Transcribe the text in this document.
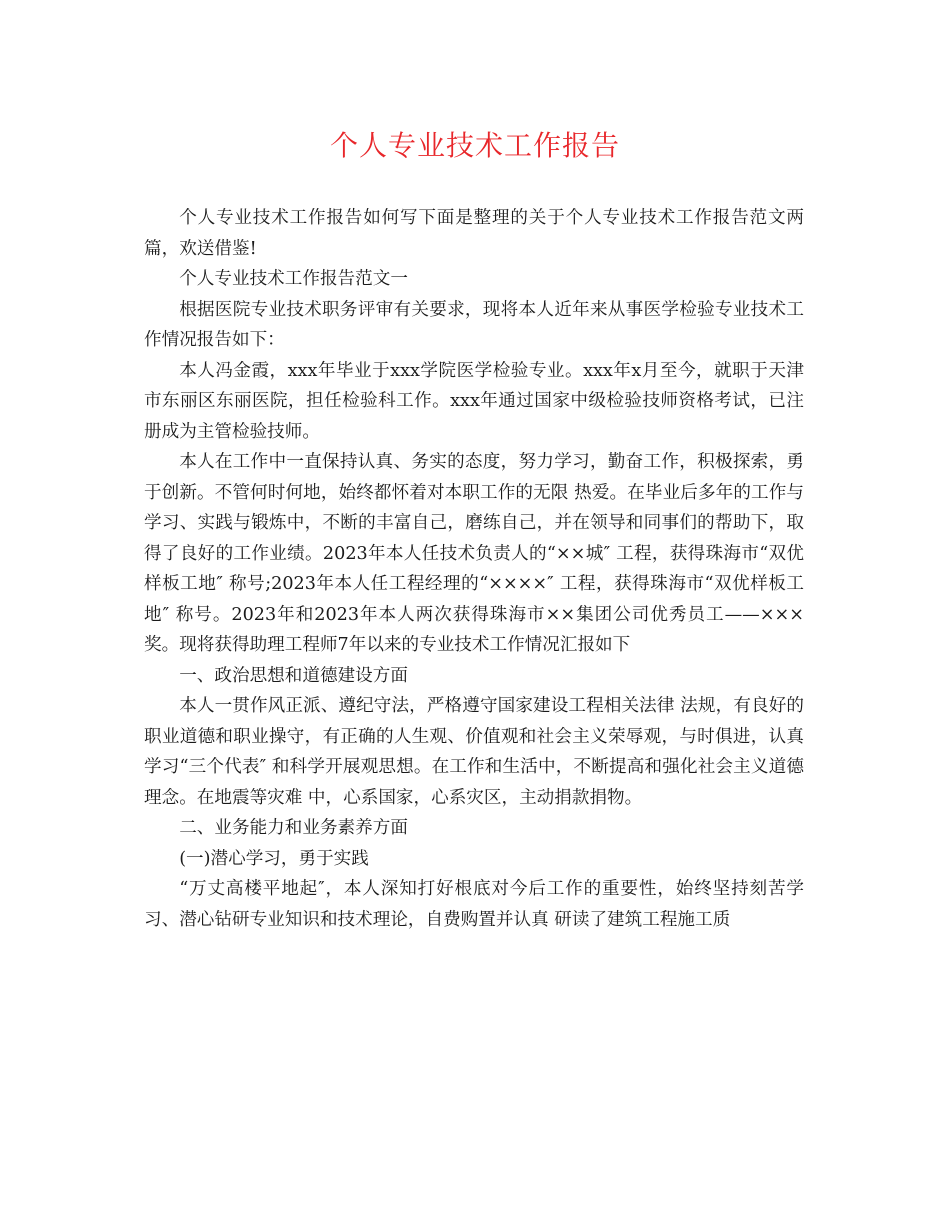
个人专业技术工作报告

个人专业技术工作报告如何写下面是整理的关于个人专业技术工作报告范文两篇，欢送借鉴!

个人专业技术工作报告范文一

根据医院专业技术职务评审有关要求，现将本人近年来从事医学检验专业技术工作情况报告如下：

本人冯金霞，xxx年毕业于xxx学院医学检验专业。xxx年x月至今，就职于天津市东丽区东丽医院，担任检验科工作。xxx年通过国家中级检验技师资格考试，已注册成为主管检验技师。

本人在工作中一直保持认真、务实的态度，努力学习，勤奋工作，积极探索，勇于创新。不管何时何地，始终都怀着对本职工作的无限 热爱。在毕业后多年的工作与学习、实践与锻炼中，不断的丰富自己，磨练自己，并在领导和同事们的帮助下，取得了良好的工作业绩。2023年本人任技术负责人的“××城″ 工程，获得珠海市“双优样板工地″ 称号;2023年本人任工程经理的“××××″ 工程，获得珠海市“双优样板工地″ 称号。2023年和2023年本人两次获得珠海市××集团公司优秀员工——×××奖。现将获得助理工程师7年以来的专业技术工作情况汇报如下

一、政治思想和道德建设方面

本人一贯作风正派、遵纪守法，严格遵守国家建设工程相关法律 法规，有良好的职业道德和职业操守，有正确的人生观、价值观和社会主义荣辱观，与时俱进，认真学习“三个代表″ 和科学开展观思想。在工作和生活中，不断提高和强化社会主义道德理念。在地震等灾难 中，心系国家，心系灾区，主动捐款捐物。

二、业务能力和业务素养方面

(一)潜心学习，勇于实践

“万丈高楼平地起″，本人深知打好根底对今后工作的重要性，始终坚持刻苦学习、潜心钻研专业知识和技术理论，自费购置并认真 研读了建筑工程施工质
